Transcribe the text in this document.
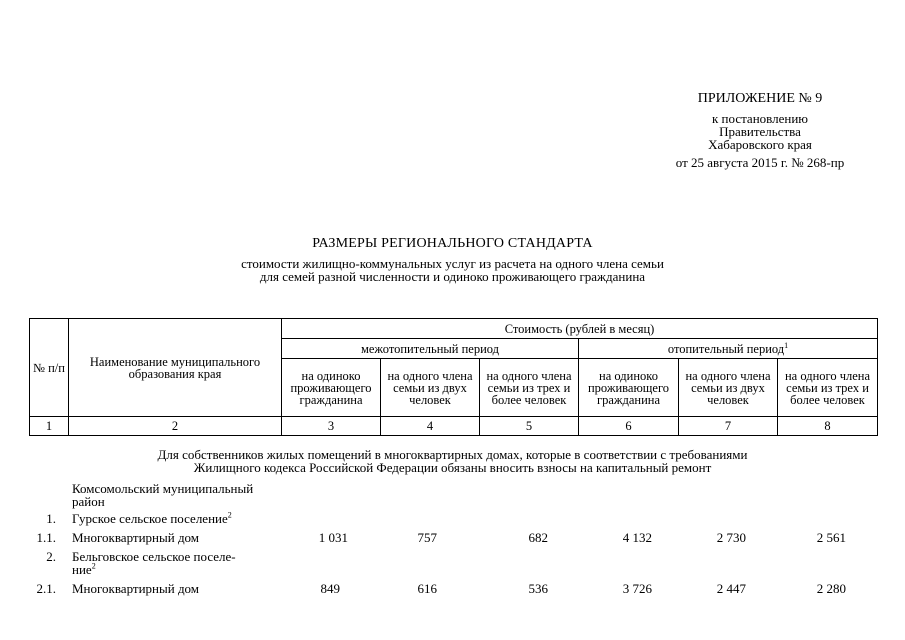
ПРИЛОЖЕНИЕ № 9
к постановлению
Правительства
Хабаровского края
от 25 августа 2015 г. № 268-пр
РАЗМЕРЫ РЕГИОНАЛЬНОГО СТАНДАРТА
стоимости жилищно-коммунальных услуг из расчета на одного члена семьи
для семей разной численности и одиноко проживающего гражданина
№ п/п	Наименование муниципального образования края	Стоимость (рублей в месяц)					
		межотопительный период			отопительный период$^1$
		на одиноко проживающего гражданина	на одного члена семьи из двух человек	на одного члена семьи из трех и более человек	на одиноко проживающего гражданина	на одного члена семьи из двух человек	на одного члена семьи из трех и более человек
1	2	3	4	5	6	7	8
Для собственников жилых помещений в многоквартирных домах, которые в соответствии с требованиями
Жилищного кодекса Российской Федерации обязаны вносить взносы на капитальный ремонт
Комсомольский муниципальный
район
1. Гурское сельское поселение$^2$
1.1. Многоквартирный дом	1 031	757	682	4 132	2 730	2 561
2. Бельговское сельское поселе-
ние$^2$
2.1. Многоквартирный дом	849	616	536	3 726	2 447	2 280
